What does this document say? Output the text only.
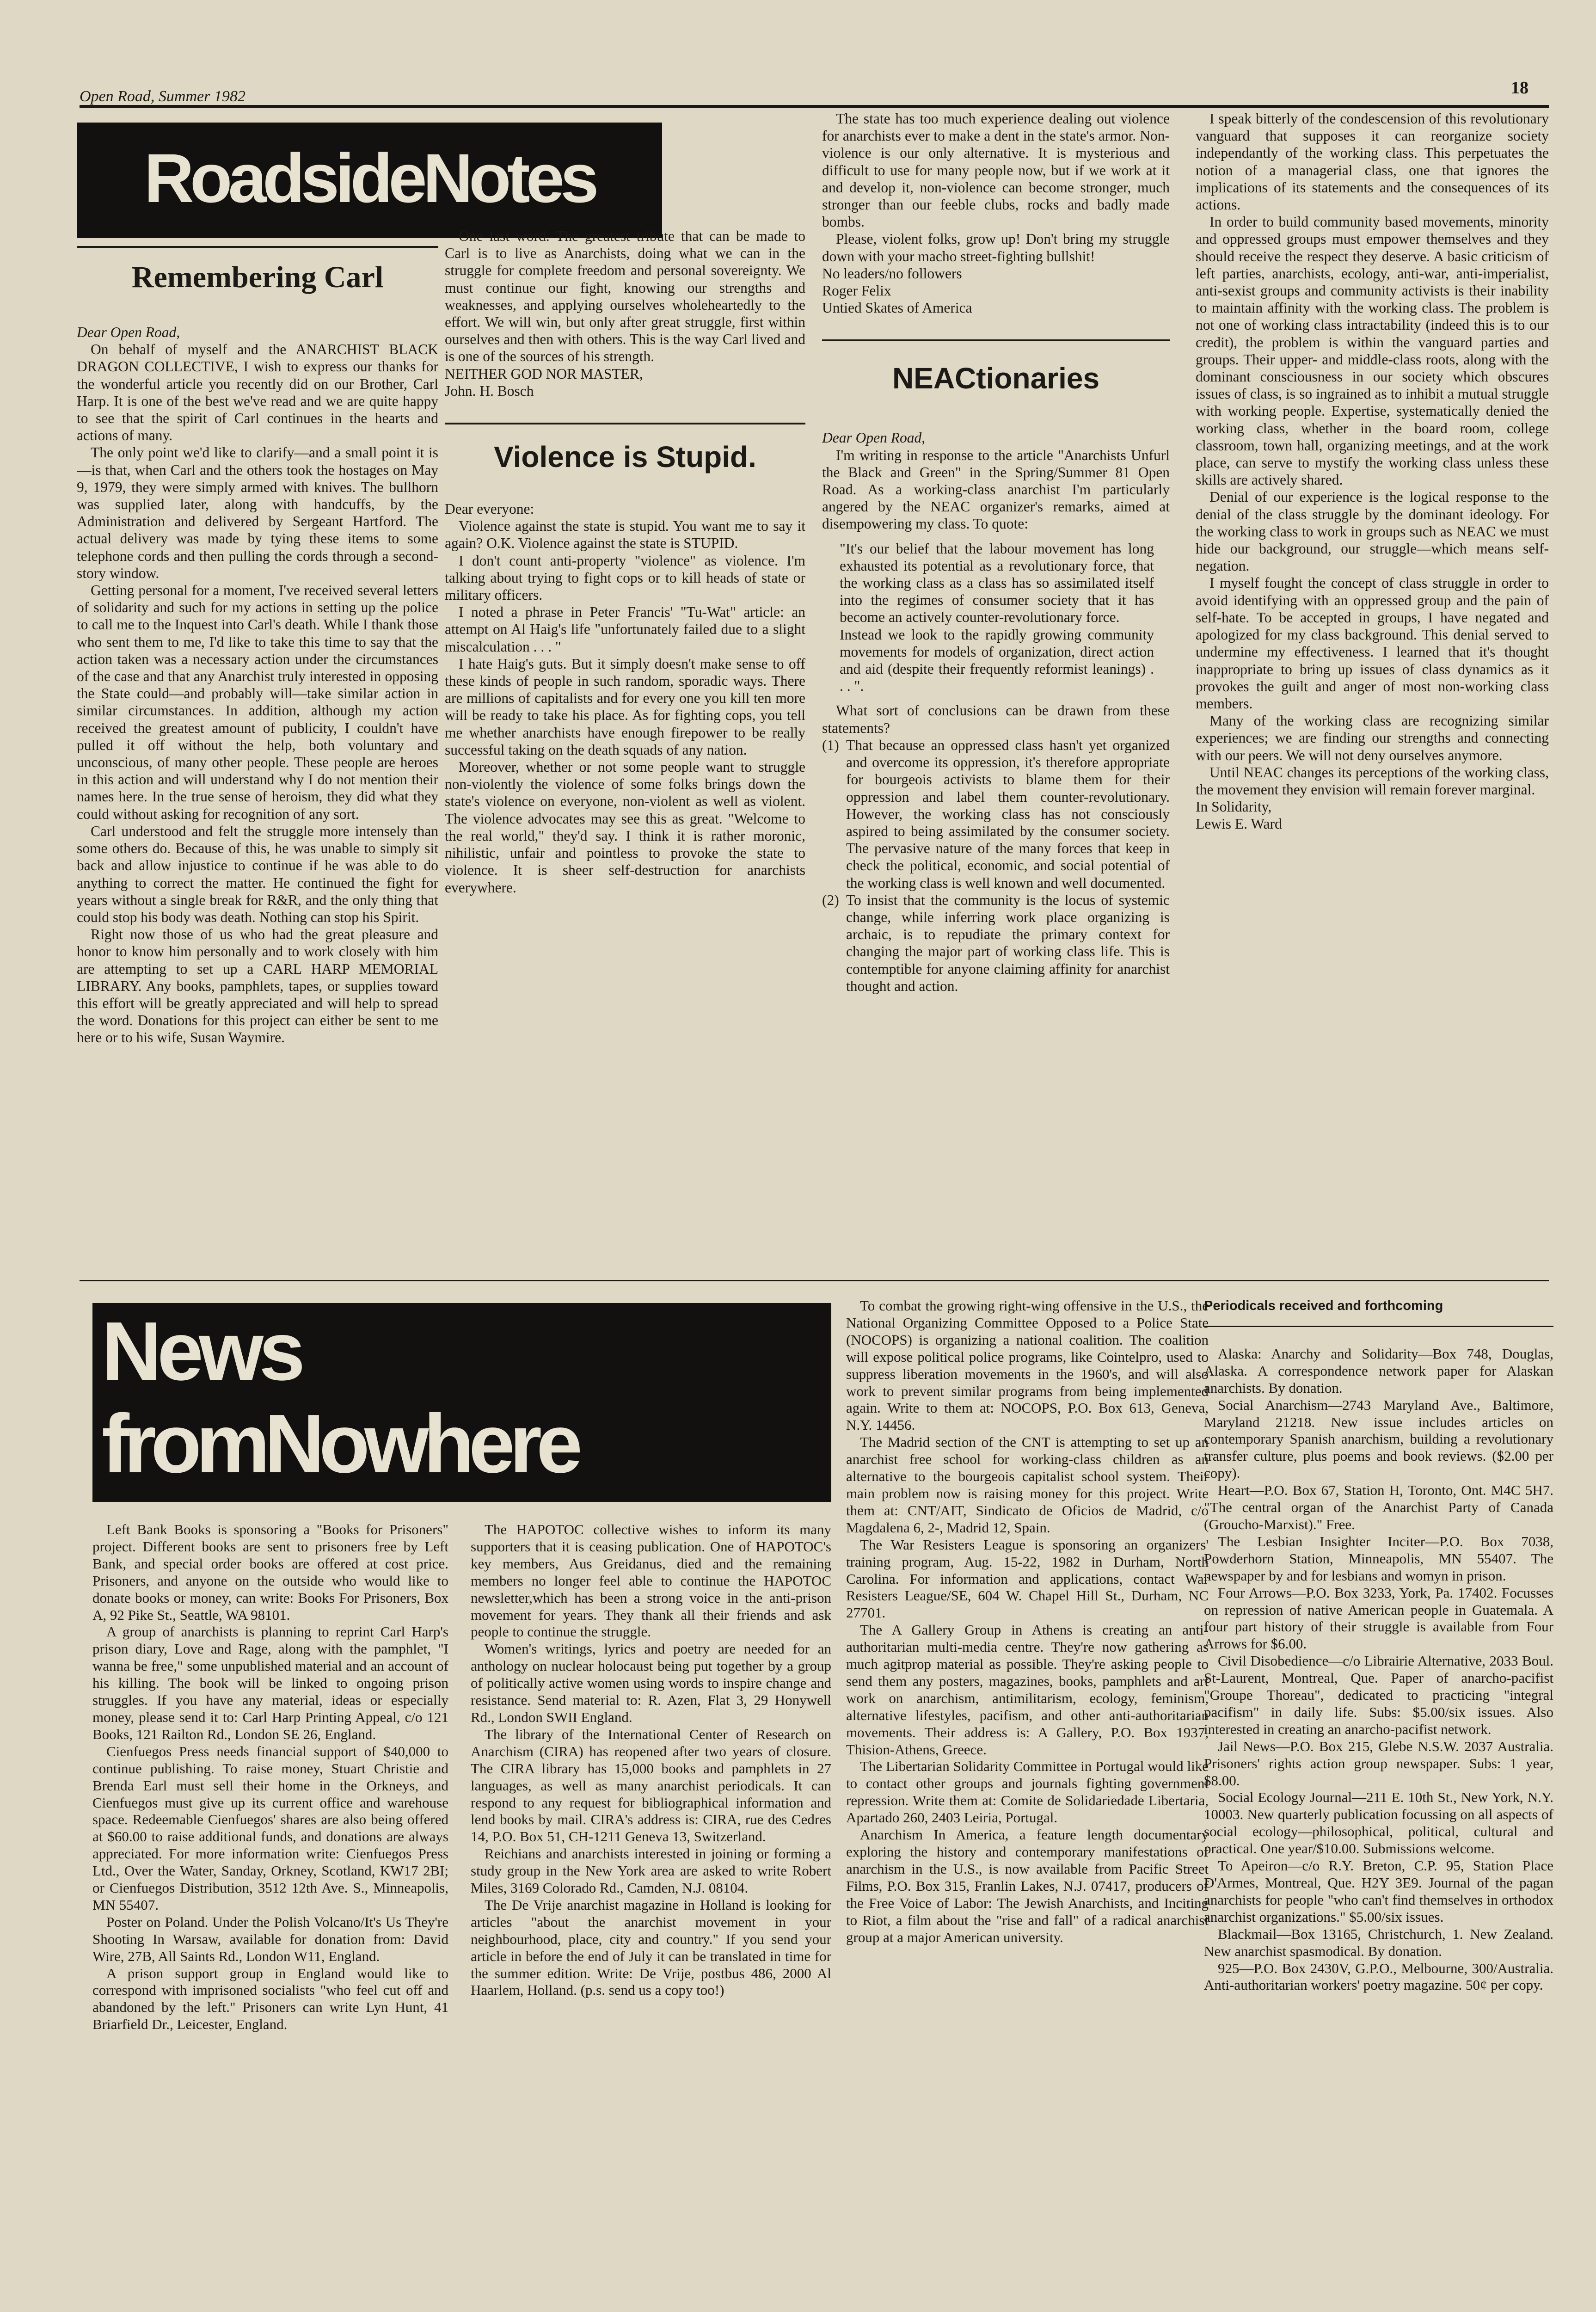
Open Road, Summer 1982	18
RoadsideNotes
Remembering Carl

Dear Open Road,

On behalf of myself and the ANARCHIST BLACK DRAGON COLLECTIVE, I wish to express our thanks for the wonderful article you recently did on our Brother, Carl Harp. It is one of the best we've read and we are quite happy to see that the spirit of Carl continues in the hearts and actions of many.

The only point we'd like to clarify—and a small point it is—is that, when Carl and the others took the hostages on May 9, 1979, they were simply armed with knives. The bullhorn was supplied later, along with handcuffs, by the Administration and delivered by Sergeant Hartford. The actual delivery was made by tying these items to some telephone cords and then pulling the cords through a second-story window.

Getting personal for a moment, I've received several letters of solidarity and such for my actions in setting up the police to call me to the Inquest into Carl's death. While I thank those who sent them to me, I'd like to take this time to say that the action taken was a necessary action under the circumstances of the case and that any Anarchist truly interested in opposing the State could—and probably will—take similar action in similar circumstances. In addition, although my action received the greatest amount of publicity, I couldn't have pulled it off without the help, both voluntary and unconscious, of many other people. These people are heroes in this action and will understand why I do not mention their names here. In the true sense of heroism, they did what they could without asking for recognition of any sort.

Carl understood and felt the struggle more intensely than some others do. Because of this, he was unable to simply sit back and allow injustice to continue if he was able to do anything to correct the matter. He continued the fight for years without a single break for R&R, and the only thing that could stop his body was death. Nothing can stop his Spirit.

Right now those of us who had the great pleasure and honor to know him personally and to work closely with him are attempting to set up a CARL HARP MEMORIAL LIBRARY. Any books, pamphlets, tapes, or supplies toward this effort will be greatly appreciated and will help to spread the word. Donations for this project can either be sent to me here or to his wife, Susan Waymire.

One last word. The greatest tribute that can be made to Carl is to live as Anarchists, doing what we can in the struggle for complete freedom and personal sovereignty. We must continue our fight, knowing our strengths and weaknesses, and applying ourselves wholeheartedly to the effort. We will win, but only after great struggle, first within ourselves and then with others. This is the way Carl lived and is one of the sources of his strength.

NEITHER GOD NOR MASTER,

John. H. Bosch

Violence is Stupid.

Dear everyone:

Violence against the state is stupid. You want me to say it again? O.K. Violence against the state is STUPID.

I don't count anti-property "violence" as violence. I'm talking about trying to fight cops or to kill heads of state or military officers.

I noted a phrase in Peter Francis' "Tu-Wat" article: an attempt on Al Haig's life "unfortunately failed due to a slight miscalculation . . . "

I hate Haig's guts. But it simply doesn't make sense to off these kinds of people in such random, sporadic ways. There are millions of capitalists and for every one you kill ten more will be ready to take his place. As for fighting cops, you tell me whether anarchists have enough firepower to be really successful taking on the death squads of any nation.

Moreover, whether or not some people want to struggle non-violently the violence of some folks brings down the state's violence on everyone, non-violent as well as violent. The violence advocates may see this as great. "Welcome to the real world," they'd say. I think it is rather moronic, nihilistic, unfair and pointless to provoke the state to violence. It is sheer self-destruction for anarchists everywhere.

The state has too much experience dealing out violence for anarchists ever to make a dent in the state's armor. Non-violence is our only alternative. It is mysterious and difficult to use for many people now, but if we work at it and develop it, non-violence can become stronger, much stronger than our feeble clubs, rocks and badly made bombs.

Please, violent folks, grow up! Don't bring my struggle down with your macho street-fighting bullshit!

No leaders/no followers

Roger Felix

Untied Skates of America

NEACtionaries

Dear Open Road,

I'm writing in response to the article "Anarchists Unfurl the Black and Green" in the Spring/Summer 81 Open Road. As a working-class anarchist I'm particularly angered by the NEAC organizer's remarks, aimed at disempowering my class. To quote:

"It's our belief that the labour movement has long exhausted its potential as a revolutionary force, that the working class as a class has so assimilated itself into the regimes of consumer society that it has become an actively counter-revolutionary force.

Instead we look to the rapidly growing community movements for models of organization, direct action and aid (despite their frequently reformist leanings) . . . ".

What sort of conclusions can be drawn from these statements?

(1) That because an oppressed class hasn't yet organized and overcome its oppression, it's therefore appropriate for bourgeois activists to blame them for their oppression and label them counter-revolutionary. However, the working class has not consciously aspired to being assimilated by the consumer society. The pervasive nature of the many forces that keep in check the political, economic, and social potential of the working class is well known and well documented.

(2) To insist that the community is the locus of systemic change, while inferring work place organizing is archaic, is to repudiate the primary context for changing the major part of working class life. This is contemptible for anyone claiming affinity for anarchist thought and action.

I speak bitterly of the condescension of this revolutionary vanguard that supposes it can reorganize society independantly of the working class. This perpetuates the notion of a managerial class, one that ignores the implications of its statements and the consequences of its actions.

In order to build community based movements, minority and oppressed groups must empower themselves and they should receive the respect they deserve. A basic criticism of left parties, anarchists, ecology, anti-war, anti-imperialist, anti-sexist groups and community activists is their inability to maintain affinity with the working class. The problem is not one of working class intractability (indeed this is to our credit), the problem is within the vanguard parties and groups. Their upper- and middle-class roots, along with the dominant consciousness in our society which obscures issues of class, is so ingrained as to inhibit a mutual struggle with working people. Expertise, systematically denied the working class, whether in the board room, college classroom, town hall, organizing meetings, and at the work place, can serve to mystify the working class unless these skills are actively shared.

Denial of our experience is the logical response to the denial of the class struggle by the dominant ideology. For the working class to work in groups such as NEAC we must hide our background, our struggle—which means self-negation.

I myself fought the concept of class struggle in order to avoid identifying with an oppressed group and the pain of self-hate. To be accepted in groups, I have negated and apologized for my class background. This denial served to undermine my effectiveness. I learned that it's thought inappropriate to bring up issues of class dynamics as it provokes the guilt and anger of most non-working class members.

Many of the working class are recognizing similar experiences; we are finding our strengths and connecting with our peers. We will not deny ourselves anymore.

Until NEAC changes its perceptions of the working class, the movement they envision will remain forever marginal.

In Solidarity,

Lewis E. Ward

News
fromNowhere

Left Bank Books is sponsoring a "Books for Prisoners" project. Different books are sent to prisoners free by Left Bank, and special order books are offered at cost price. Prisoners, and anyone on the outside who would like to donate books or money, can write: Books For Prisoners, Box A, 92 Pike St., Seattle, WA 98101.

A group of anarchists is planning to reprint Carl Harp's prison diary, Love and Rage, along with the pamphlet, "I wanna be free," some unpublished material and an account of his killing. The book will be linked to ongoing prison struggles. If you have any material, ideas or especially money, please send it to: Carl Harp Printing Appeal, c/o 121 Books, 121 Railton Rd., London SE 26, England.

Cienfuegos Press needs financial support of $40,000 to continue publishing. To raise money, Stuart Christie and Brenda Earl must sell their home in the Orkneys, and Cienfuegos must give up its current office and warehouse space. Redeemable Cienfuegos' shares are also being offered at $60.00 to raise additional funds, and donations are always appreciated. For more information write: Cienfuegos Press Ltd., Over the Water, Sanday, Orkney, Scotland, KW17 2BI; or Cienfuegos Distribution, 3512 12th Ave. S., Minneapolis, MN 55407.

Poster on Poland. Under the Polish Volcano/It's Us They're Shooting In Warsaw, available for donation from: David Wire, 27B, All Saints Rd., London W11, England.

A prison support group in England would like to correspond with imprisoned socialists "who feel cut off and abandoned by the left." Prisoners can write Lyn Hunt, 41 Briarfield Dr., Leicester, England.

The HAPOTOC collective wishes to inform its many supporters that it is ceasing publication. One of HAPOTOC's key members, Aus Greidanus, died and the remaining members no longer feel able to continue the HAPOTOC newsletter,which has been a strong voice in the anti-prison movement for years. They thank all their friends and ask people to continue the struggle.

Women's writings, lyrics and poetry are needed for an anthology on nuclear holocaust being put together by a group of politically active women using words to inspire change and resistance. Send material to: R. Azen, Flat 3, 29 Honywell Rd., London SWII England.

The library of the International Center of Research on Anarchism (CIRA) has reopened after two years of closure. The CIRA library has 15,000 books and pamphlets in 27 languages, as well as many anarchist periodicals. It can respond to any request for bibliographical information and lend books by mail. CIRA's address is: CIRA, rue des Cedres 14, P.O. Box 51, CH-1211 Geneva 13, Switzerland.

Reichians and anarchists interested in joining or forming a study group in the New York area are asked to write Robert Miles, 3169 Colorado Rd., Camden, N.J. 08104.

The De Vrije anarchist magazine in Holland is looking for articles "about the anarchist movement in your neighbourhood, place, city and country." If you send your article in before the end of July it can be translated in time for the summer edition. Write: De Vrije, postbus 486, 2000 Al Haarlem, Holland. (p.s. send us a copy too!)

To combat the growing right-wing offensive in the U.S., the National Organizing Committee Opposed to a Police State (NOCOPS) is organizing a national coalition. The coalition will expose political police programs, like Cointelpro, used to suppress liberation movements in the 1960's, and will also work to prevent similar programs from being implemented again. Write to them at: NOCOPS, P.O. Box 613, Geneva, N.Y. 14456.

The Madrid section of the CNT is attempting to set up an anarchist free school for working-class children as an alternative to the bourgeois capitalist school system. Their main problem now is raising money for this project. Write them at: CNT/AIT, Sindicato de Oficios de Madrid, c/o Magdalena 6, 2-, Madrid 12, Spain.

The War Resisters League is sponsoring an organizers' training program, Aug. 15-22, 1982 in Durham, North Carolina. For information and applications, contact War Resisters League/SE, 604 W. Chapel Hill St., Durham, NC 27701.

The A Gallery Group in Athens is creating an anti-authoritarian multi-media centre. They're now gathering as much agitprop material as possible. They're asking people to send them any posters, magazines, books, pamphlets and art work on anarchism, antimilitarism, ecology, feminism, alternative lifestyles, pacifism, and other anti-authoritarian movements. Their address is: A Gallery, P.O. Box 1937, Thision-Athens, Greece.

The Libertarian Solidarity Committee in Portugal would like to contact other groups and journals fighting government repression. Write them at: Comite de Solidariedade Libertaria, Apartado 260, 2403 Leiria, Portugal.

Anarchism In America, a feature length documentary exploring the history and contemporary manifestations of anarchism in the U.S., is now available from Pacific Street Films, P.O. Box 315, Franlin Lakes, N.J. 07417, producers of the Free Voice of Labor: The Jewish Anarchists, and Inciting to Riot, a film about the "rise and fall" of a radical anarchist group at a major American university.

Periodicals received and forthcoming

Alaska: Anarchy and Solidarity—Box 748, Douglas, Alaska. A correspondence network paper for Alaskan anarchists. By donation.

Social Anarchism—2743 Maryland Ave., Baltimore, Maryland 21218. New issue includes articles on contemporary Spanish anarchism, building a revolutionary transfer culture, plus poems and book reviews. ($2.00 per copy).

Heart—P.O. Box 67, Station H, Toronto, Ont. M4C 5H7. "The central organ of the Anarchist Party of Canada (Groucho-Marxist)." Free.

The Lesbian Insighter Inciter—P.O. Box 7038, Powderhorn Station, Minneapolis, MN 55407. The newspaper by and for lesbians and womyn in prison.

Four Arrows—P.O. Box 3233, York, Pa. 17402. Focusses on repression of native American people in Guatemala. A four part history of their struggle is available from Four Arrows for $6.00.

Civil Disobedience—c/o Librairie Alternative, 2033 Boul. St-Laurent, Montreal, Que. Paper of anarcho-pacifist "Groupe Thoreau", dedicated to practicing "integral pacifism" in daily life. Subs: $5.00/six issues. Also interested in creating an anarcho-pacifist network.

Jail News—P.O. Box 215, Glebe N.S.W. 2037 Australia. Prisoners' rights action group newspaper. Subs: 1 year, $8.00.

Social Ecology Journal—211 E. 10th St., New York, N.Y. 10003. New quarterly publication focussing on all aspects of social ecology—philosophical, political, cultural and practical. One year/$10.00. Submissions welcome.

To Apeiron—c/o R.Y. Breton, C.P. 95, Station Place D'Armes, Montreal, Que. H2Y 3E9. Journal of the pagan anarchists for people "who can't find themselves in orthodox anarchist organizations." $5.00/six issues.

Blackmail—Box 13165, Christchurch, 1. New Zealand. New anarchist spasmodical. By donation.

925—P.O. Box 2430V, G.P.O., Melbourne, 300/Australia. Anti-authoritarian workers' poetry magazine. 50¢ per copy.
